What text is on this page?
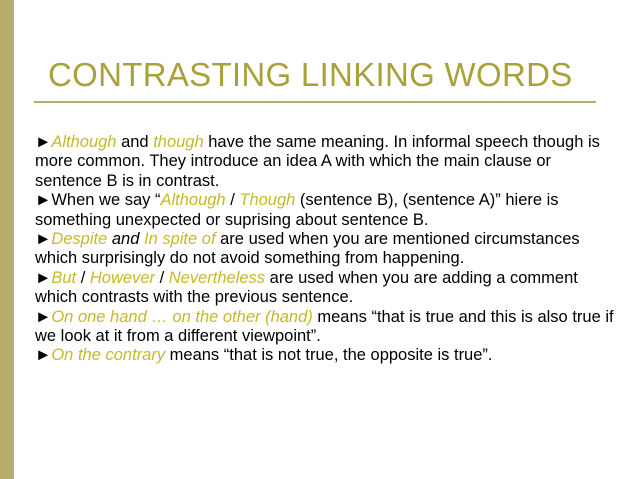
CONTRASTING LINKING WORDS

►Although and though have the same meaning. In informal speech though is more common. They introduce an idea A with which the main clause or sentence B is in contrast.

►When we say “Although / Though (sentence B), (sentence A)” hiere is something unexpected or suprising about sentence B.

►Despite and In spite of are used when you are mentioned circumstances which surprisingly do not avoid something from happening.

►But / However / Nevertheless are used when you are adding a comment which contrasts with the previous sentence.

►On one hand … on the other (hand) means “that is true and this is also true if we look at it from a different viewpoint”.

►On the contrary means “that is not true, the opposite is true”.
